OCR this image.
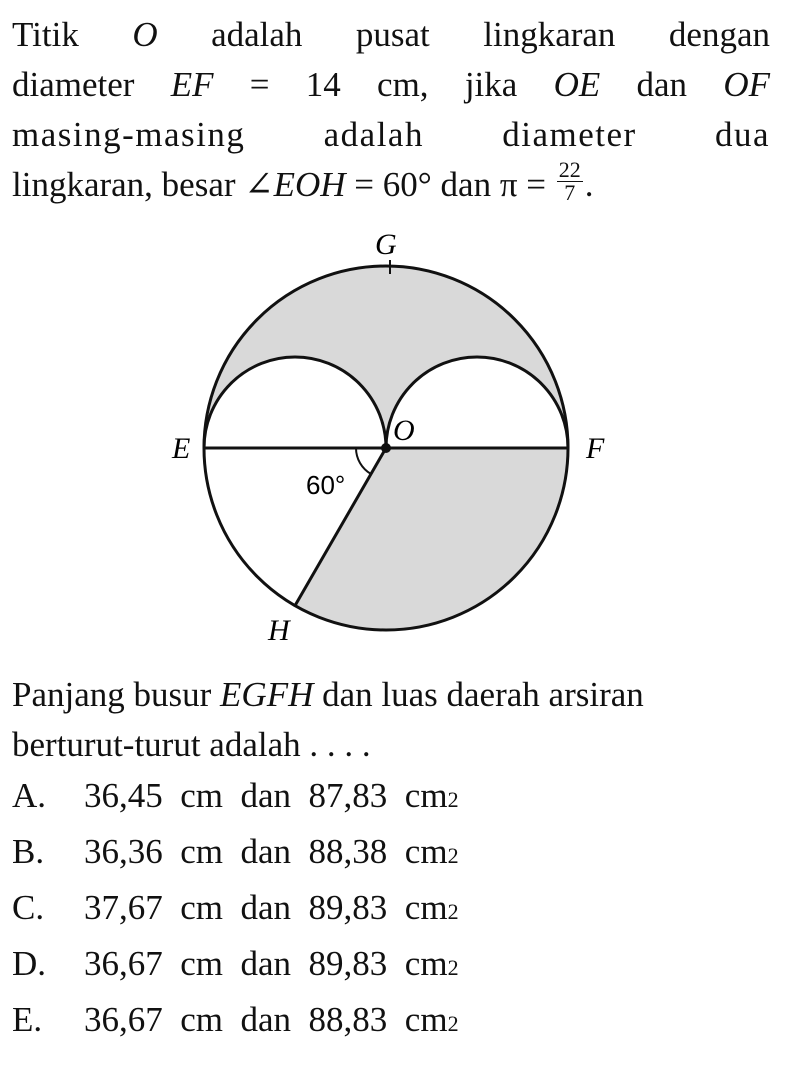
Titik O adalah pusat lingkaran dengan

diameter EF = 14 cm, jika OE dan OF

masing-masing adalah diameter dua

lingkaran, besar ∠EOH = 60° dan $\pi = \frac{22}{7}$ .

G
E
O
F
H
60°

Panjang busur EGFH dan luas daerah arsiran

berturut-turut adalah . . . .

A.	36,45  cm  dan  87,83  cm 2
B.	36,36  cm  dan  88,38  cm 2
C.	37,67  cm  dan  89,83  cm 2
D.	36,67  cm  dan  89,83  cm 2
E.	36,67  cm  dan  88,83  cm 2
